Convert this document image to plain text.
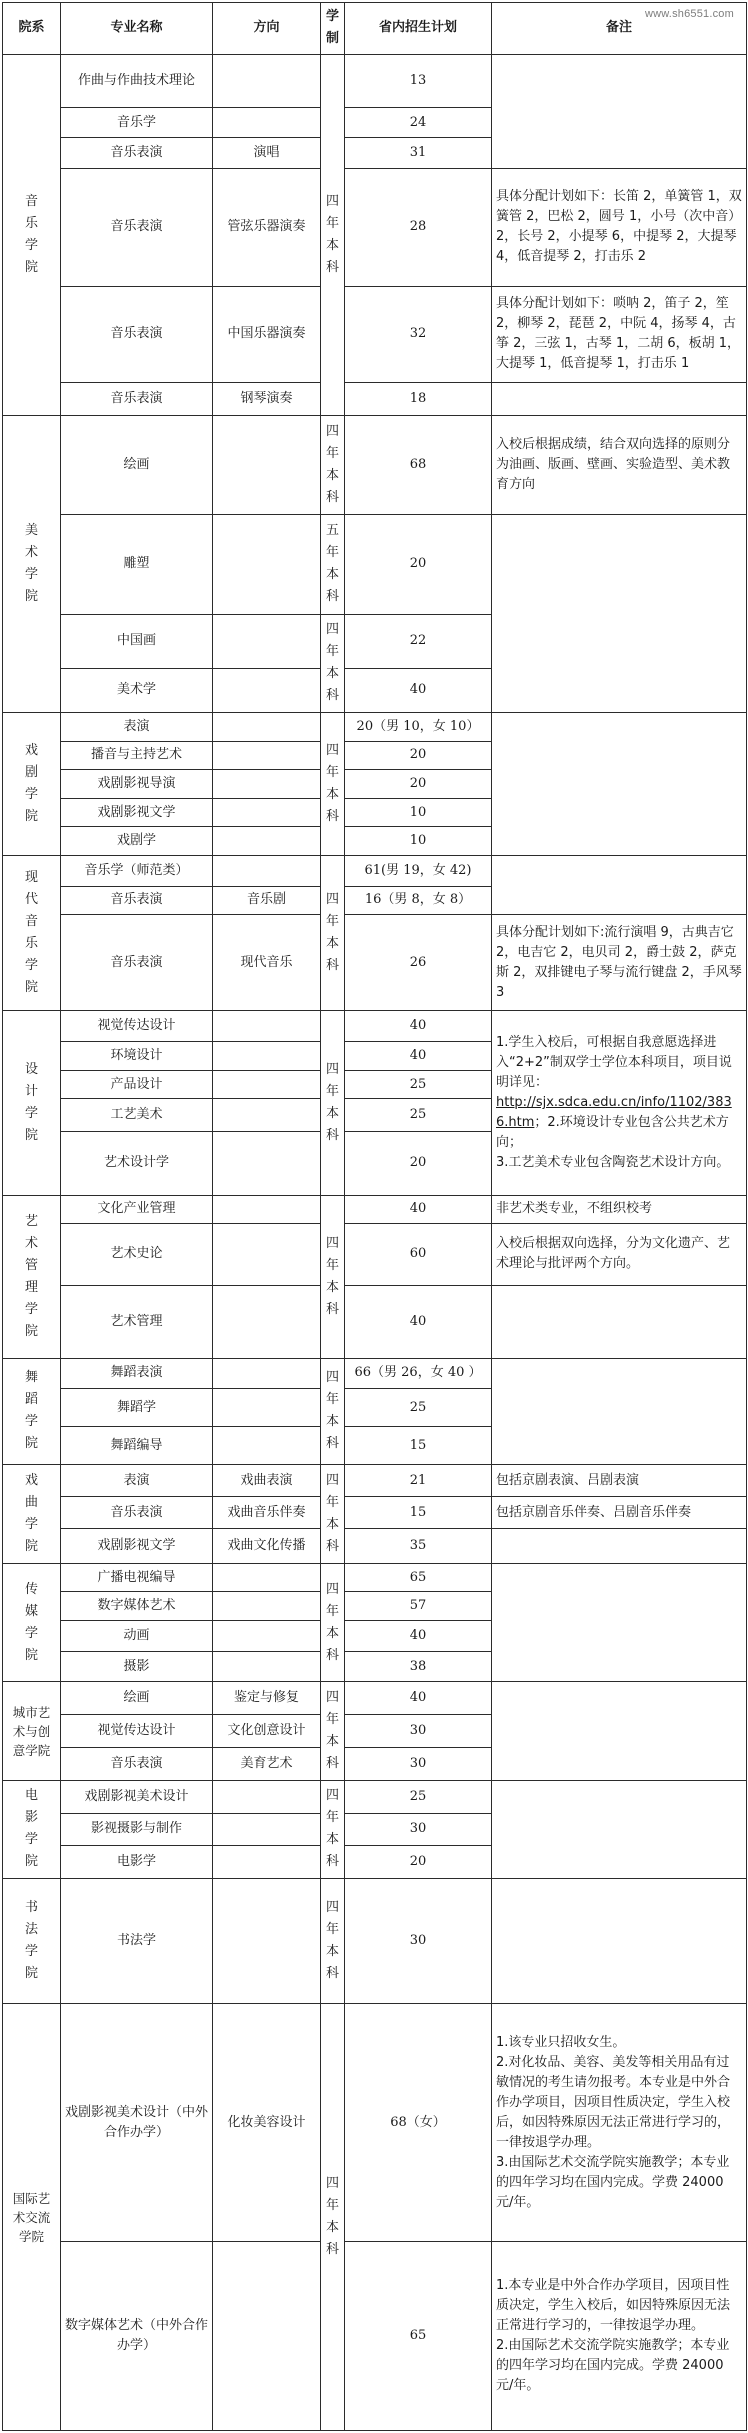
www.sh6551.com
院系	专业名称	方向	学制	省内招生计划	备注
音乐学院	作曲与作曲技术理论		四年本科	13	
	音乐学			24	
	音乐表演	演唱		31	
	音乐表演	管弦乐器演奏		28	具体分配计划如下：长笛 2，单簧管 1，双簧管 2，巴松 2，圆号 1，小号（次中音）2，长号 2，小提琴 6，中提琴 2，大提琴 4，低音提琴 2，打击乐 2
	音乐表演	中国乐器演奏		32	具体分配计划如下：唢呐 2，笛子 2，笙 2，柳琴 2，琵琶 2，中阮 4，扬琴 4，古筝 2，三弦 1，古琴 1，二胡 6，板胡 1，大提琴 1，低音提琴 1，打击乐 1
	音乐表演	钢琴演奏		18	
美术学院	绘画		四年本科	68	入校后根据成绩，结合双向选择的原则分为油画、版画、壁画、实验造型、美术教育方向
	雕塑		五年本科	20	
	中国画		四年本科	22	
	美术学			40	
戏剧学院	表演		四年本科	20（男 10，女 10）	
	播音与主持艺术			20	
	戏剧影视导演			20	
	戏剧影视文学			10	
	戏剧学			10	
现代音乐学院	音乐学（师范类）		四年本科	61(男 19，女 42)	
	音乐表演	音乐剧		16（男 8，女 8）	
	音乐表演	现代音乐		26	具体分配计划如下:流行演唱 9，古典吉它 2，电吉它 2，电贝司 2，爵士鼓 2，萨克斯 2，双排键电子琴与流行键盘 2，手风琴 3
设计学院	视觉传达设计		四年本科	40	1.学生入校后，可根据自我意愿选择进入“2+2”制双学士学位本科项目，项目说明详见：
http://sjx.sdca.edu.cn/info/1102/3836.htm；2.环境设计专业包含公共艺术方向；
3.工艺美术专业包含陶瓷艺术设计方向。
	环境设计			40	
	产品设计			25	
	工艺美术			25	
	艺术设计学			20	
艺术管理学院	文化产业管理		四年本科	40	非艺术类专业，不组织校考
	艺术史论			60	入校后根据双向选择，分为文化遗产、艺术理论与批评两个方向。
	艺术管理			40	
舞蹈学院	舞蹈表演		四年本科	66（男 26，女 40 ）	
	舞蹈学			25	
	舞蹈编导			15	
戏曲学院	表演	戏曲表演	四年本科	21	包括京剧表演、吕剧表演
	音乐表演	戏曲音乐伴奏		15	包括京剧音乐伴奏、吕剧音乐伴奏
	戏剧影视文学	戏曲文化传播		35	
传媒学院	广播电视编导		四年本科	65	
	数字媒体艺术			57	
	动画			40	
	摄影			38	
城市艺术与创意学院	绘画	鉴定与修复	四年本科	40	
	视觉传达设计	文化创意设计		30	
	音乐表演	美育艺术		30	
电影学院	戏剧影视美术设计		四年本科	25	
	影视摄影与制作			30	
	电影学			20	
书法学院	书法学		四年本科	30	
国际艺术交流学院	戏剧影视美术设计（中外合作办学）	化妆美容设计	四年本科	68（女）	1.该专业只招收女生。
2.对化妆品、美容、美发等相关用品有过敏情况的考生请勿报考。本专业是中外合作办学项目，因项目性质决定，学生入校后，如因特殊原因无法正常进行学习的，一律按退学办理。
3.由国际艺术交流学院实施教学；本专业的四年学习均在国内完成。学费 24000 元/年。

	数字媒体艺术（中外合作办学）			65	1.本专业是中外合作办学项目，因项目性质决定，学生入校后，如因特殊原因无法正常进行学习的，一律按退学办理。
2.由国际艺术交流学院实施教学；本专业的四年学习均在国内完成。学费 24000 元/年。
